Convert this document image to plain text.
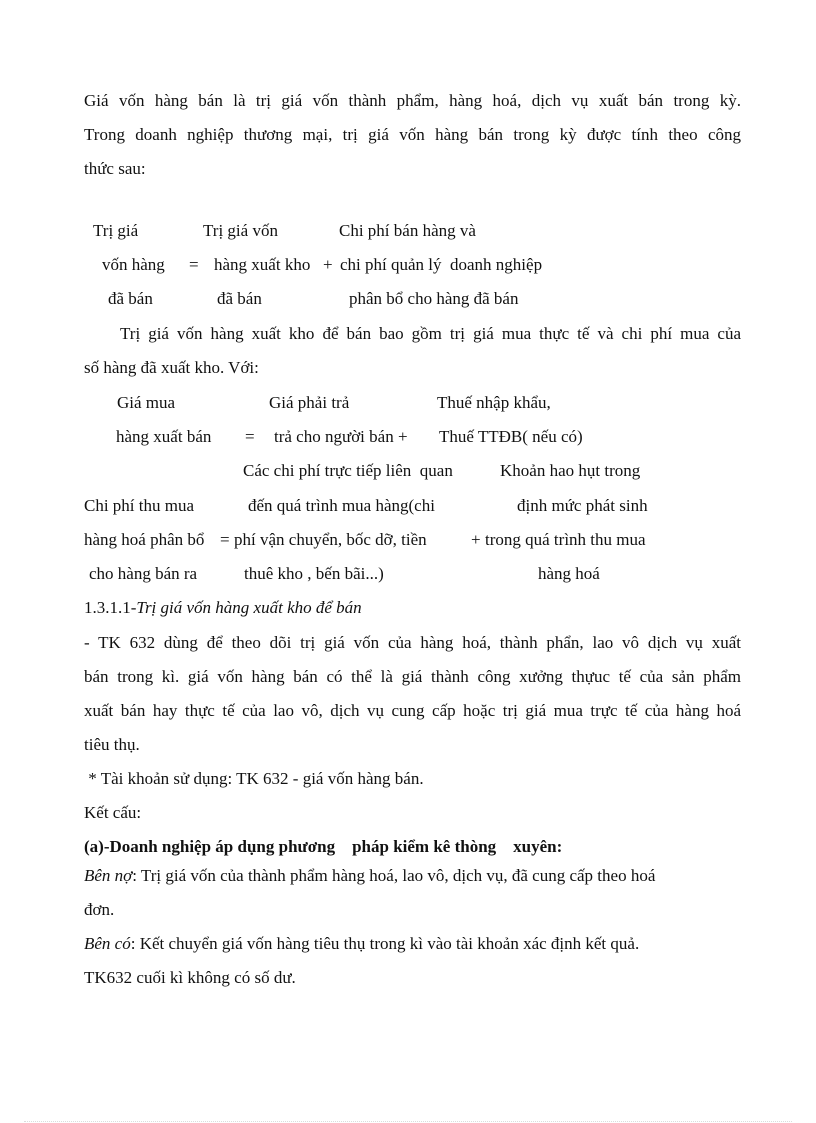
Giá vốn hàng bán là trị giá vốn thành phẩm, hàng hoá, dịch vụ xuất bán trong kỳ.
Trong doanh nghiệp thương mại, trị giá vốn hàng bán trong kỳ được tính theo công
thức sau:
Trị giá	Trị giá vốn	Chi phí bán hàng và
vốn hàng = hàng xuất kho + chi phí quản lý  doanh nghiệp
đã bán	đã bán	phân bổ cho hàng đã bán
Trị giá vốn hàng xuất kho để bán bao gồm trị giá mua thực tế và chi phí mua của
số hàng đã xuất kho. Với:
Giá mua	Giá phải trả	Thuế nhập khẩu,
hàng xuất bán = trả cho người bán + Thuế TTĐB( nếu có)
Các chi phí trực tiếp liên  quan	Khoản hao hụt trong
Chi phí thu mua	đến quá trình mua hàng(chi	định mức phát sinh
hàng hoá phân bổ = phí vận chuyển, bốc dỡ, tiền	+ trong quá trình thu mua
cho hàng bán ra	thuê kho , bến bãi...)	hàng hoá
1.3.1.1-Trị giá vốn hàng xuất kho để bán
- TK 632 dùng để theo dõi trị giá vốn của hàng hoá, thành phẩn, lao vô dịch vụ xuất
bán trong kì. giá vốn hàng bán có thể là giá thành công xưởng thựuc tế của sản phẩm
xuất bán hay thực tế của lao vô, dịch vụ cung cấp hoặc trị giá mua trực tế của hàng hoá
tiêu thụ.
* Tài khoản sử dụng: TK 632 - giá vốn hàng bán.
Kết cấu:
(a)-Doanh nghiệp áp dụng phương    pháp kiểm kê thòng    xuyên:
Bên nợ: Trị giá vốn của thành phẩm hàng hoá, lao vô, dịch vụ, đã cung cấp theo hoá
đơn.
Bên có: Kết chuyển giá vốn hàng tiêu thụ trong kì vào tài khoản xác định kết quả.
TK632 cuối kì không có số dư.
